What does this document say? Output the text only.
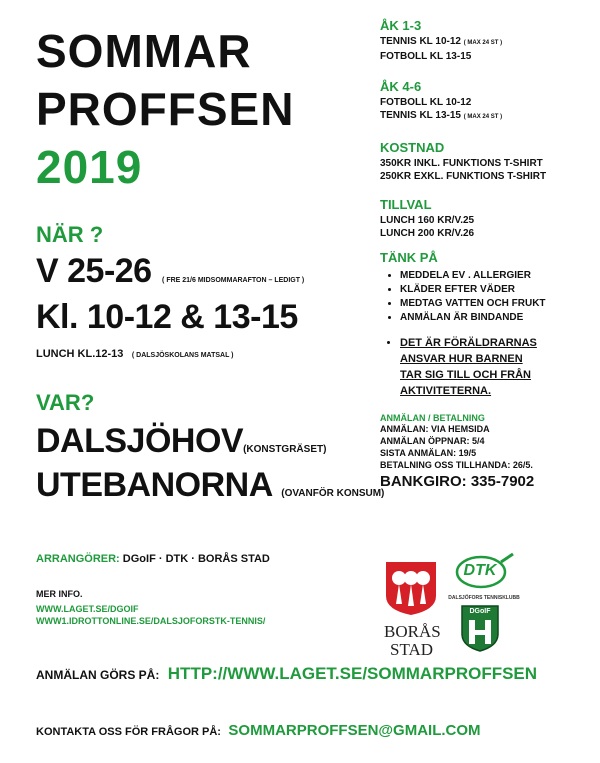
SOMMAR
PROFFSEN
2019
NÄR ?
V 25-26 ( FRE 21/6 MIDSOMMARAFTON – LEDIGT )
Kl. 10-12 & 13-15
LUNCH KL.12-13 ( DALSJÖSKOLANS MATSAL )
VAR?
DALSJÖHOV(KONSTGRÄSET)
UTEBANORNA (OVANFÖR KONSUM)
ÅK 1-3
TENNIS KL 10-12 ( MAX 24 ST )
FOTBOLL KL 13-15
ÅK 4-6
FOTBOLL KL 10-12
TENNIS KL 13-15 ( MAX 24 ST )
KOSTNAD
350KR INKL. FUNKTIONS T-SHIRT
250KR EXKL. FUNKTIONS T-SHIRT
TILLVAL
LUNCH 160 KR/V.25
LUNCH 200 KR/V.26
TÄNK PÅ
• MEDDELA EV . ALLERGIER
• KLÄDER EFTER VÄDER
• MEDTAG VATTEN OCH FRUKT
• ANMÄLAN ÄR BINDANDE
• DET ÄR FÖRÄLDRARNAS
ANSVAR HUR BARNEN
TAR SIG TILL OCH FRÅN
AKTIVITETERNA.
ANMÄLAN / BETALNING
ANMÄLAN: VIA HEMSIDA
ANMÄLAN ÖPPNAR: 5/4
SISTA ANMÄLAN: 19/5
BETALNING OSS TILLHANDA: 26/5.
BANKGIRO: 335-7902
ARRANGÖRER: DGoIF · DTK · BORÅS STAD
MER INFO.
WWW.LAGET.SE/DGOIF
WWW1.IDROTTONLINE.SE/DALSJOFORSTK-TENNIS/
BORÅS
STAD
DTK
DALSJÖFORS TENNISKLUBB
DGoIF
ANMÄLAN GÖRS PÅ: HTTP://WWW.LAGET.SE/SOMMARPROFFSEN
KONTAKTA OSS FÖR FRÅGOR PÅ: SOMMARPROFFSEN@GMAIL.COM
